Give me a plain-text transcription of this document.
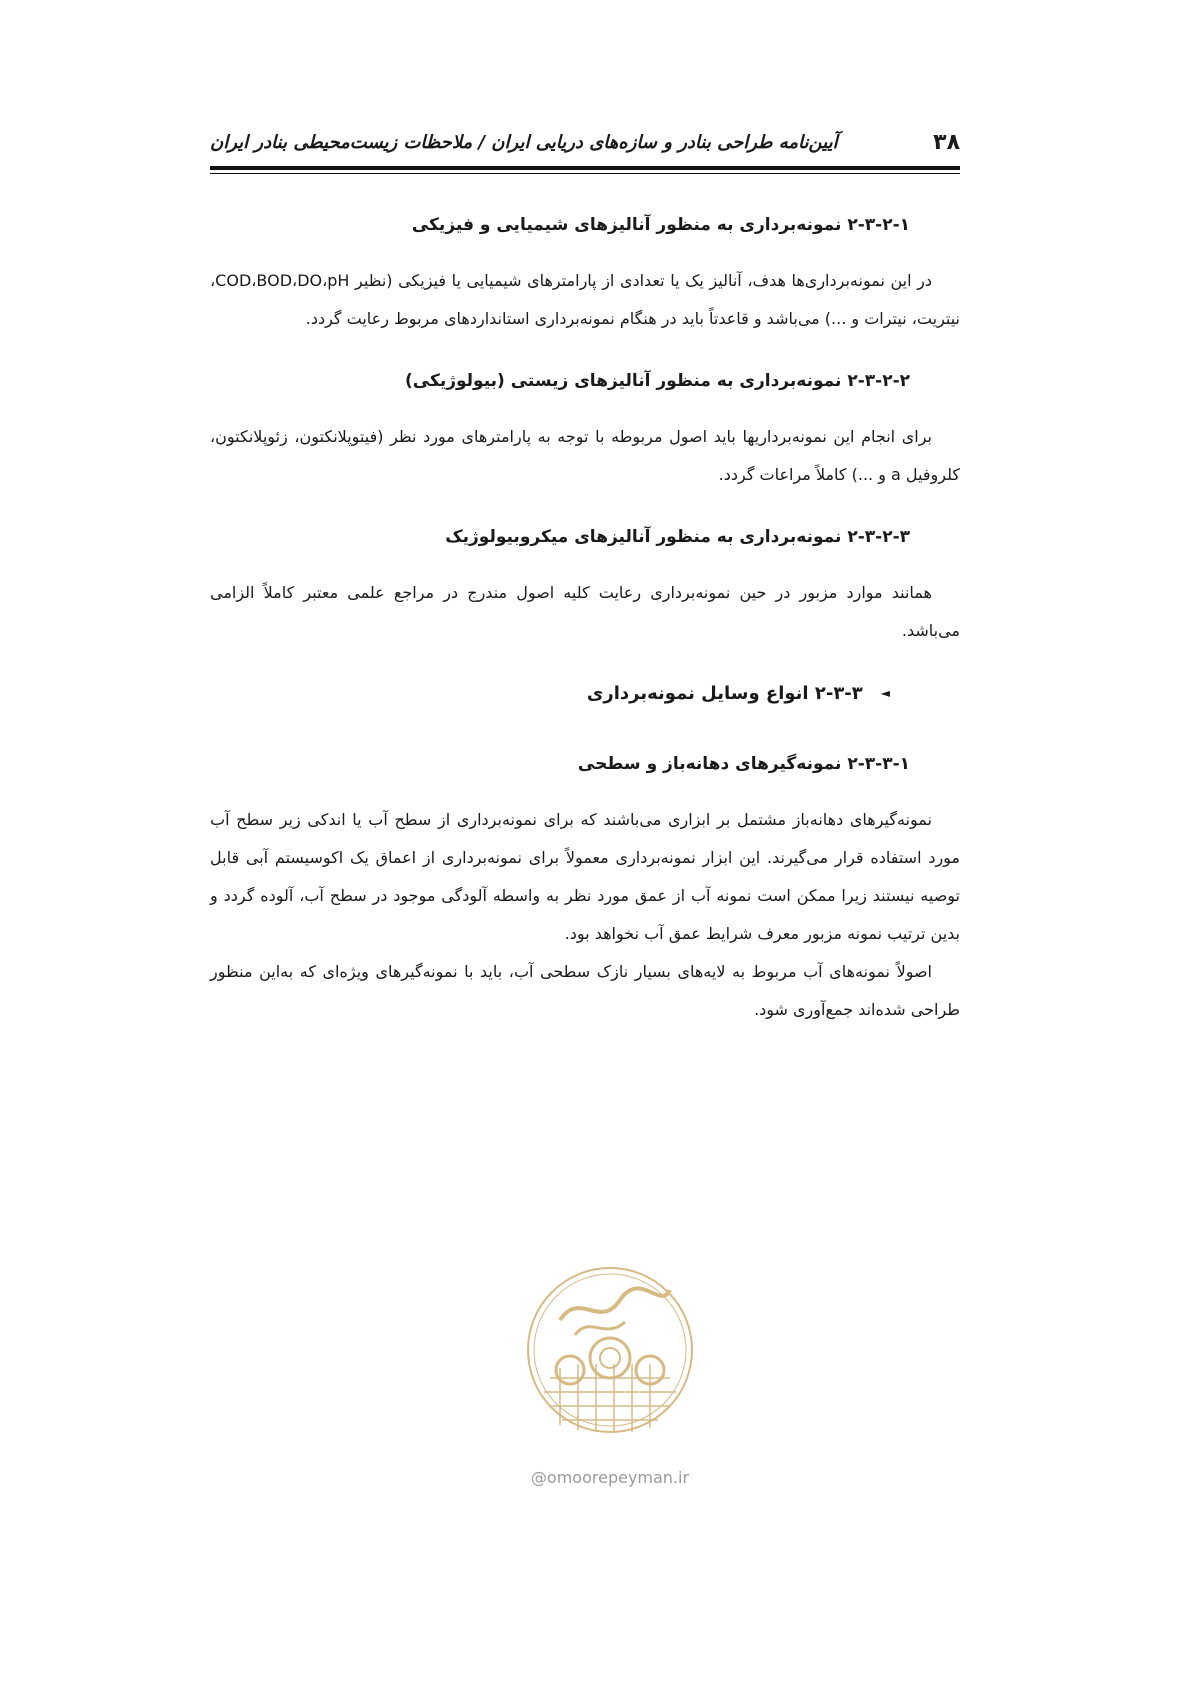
۳۸
آیین‌نامه طراحی بنادر و سازه‌های دریایی ایران / ملاحظات زیست‌محیطی بنادر ایران
۲-۳-۲-۱ نمونه‌برداری به منظور آنالیزهای شیمیایی و فیزیکی

در این نمونه‌برداری‌ها هدف، آنالیز یک یا تعدادی از پارامترهای شیمیایی یا فیزیکی (نظیر COD،BOD،DO،pH، نیتریت، نیترات و ...) می‌باشد و قاعدتاً باید در هنگام نمونه‌برداری استانداردهای مربوط رعایت گردد.

۲-۳-۲-۲ نمونه‌برداری به منظور آنالیزهای زیستی (بیولوژیکی)

برای انجام این نمونه‌برداریها باید اصول مربوطه با توجه به پارامترهای مورد نظر (فیتوپلانکتون، زئوپلانکتون، کلروفیل a و ...) کاملاً مراعات گردد.

۲-۳-۲-۳ نمونه‌برداری به منظور آنالیزهای میکروبیولوژیک

همانند موارد مزبور در حین نمونه‌برداری رعایت کلیه اصول مندرج در مراجع علمی معتبر کاملاً الزامی می‌باشد.

◄۲-۳-۳ انواع وسایل نمونه‌برداری
۲-۳-۳-۱ نمونه‌گیرهای دهانه‌باز و سطحی

نمونه‌گیرهای دهانه‌باز مشتمل بر ابزاری می‌باشند که برای نمونه‌برداری از سطح آب یا اندکی زیر سطح آب مورد استفاده قرار می‌گیرند. این ابزار نمونه‌برداری معمولاً برای نمونه‌برداری از اعماق یک اکوسیستم آبی قابل توصیه نیستند زیرا ممکن است نمونه آب از عمق مورد نظر به واسطه آلودگی موجود در سطح آب، آلوده گردد و بدین ترتیب نمونه مزبور معرف شرایط عمق آب نخواهد بود.

اصولاً نمونه‌های آب مربوط به لایه‌های بسیار نازک سطحی آب، باید با نمونه‌گیرهای ویژه‌ای که به‌این منظور طراحی شده‌اند جمع‌آوری شود.

@omoorepeyman.ir
